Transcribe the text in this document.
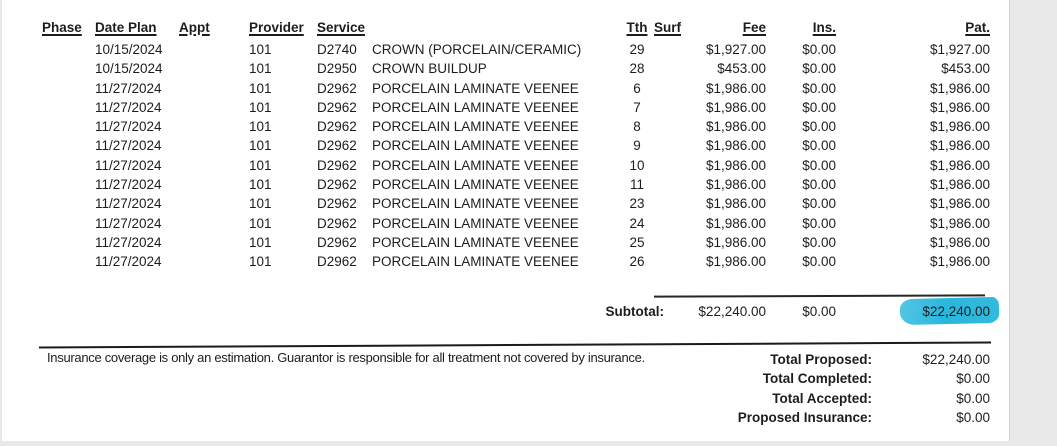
Phase Date Plan	Appt	Provider Service	Tth Surf	Fee	Ins.	Pat.
10/15/2024	101	D2740	CROWN (PORCELAIN/CERAMIC)	29	$1,927.00	$0.00	$1,927.00
10/15/2024	101	D2950	CROWN BUILDUP	28	$453.00	$0.00	$453.00
11/27/2024	101	D2962	PORCELAIN LAMINATE VEENEE	6	$1,986.00	$0.00	$1,986.00
11/27/2024	101	D2962	PORCELAIN LAMINATE VEENEE	7	$1,986.00	$0.00	$1,986.00
11/27/2024	101	D2962	PORCELAIN LAMINATE VEENEE	8	$1,986.00	$0.00	$1,986.00
11/27/2024	101	D2962	PORCELAIN LAMINATE VEENEE	9	$1,986.00	$0.00	$1,986.00
11/27/2024	101	D2962	PORCELAIN LAMINATE VEENEE	10	$1,986.00	$0.00	$1,986.00
11/27/2024	101	D2962	PORCELAIN LAMINATE VEENEE	11	$1,986.00	$0.00	$1,986.00
11/27/2024	101	D2962	PORCELAIN LAMINATE VEENEE	23	$1,986.00	$0.00	$1,986.00
11/27/2024	101	D2962	PORCELAIN LAMINATE VEENEE	24	$1,986.00	$0.00	$1,986.00
11/27/2024	101	D2962	PORCELAIN LAMINATE VEENEE	25	$1,986.00	$0.00	$1,986.00
11/27/2024	101	D2962	PORCELAIN LAMINATE VEENEE	26	$1,986.00	$0.00	$1,986.00
Subtotal:	$22,240.00	$0.00	$22,240.00
Insurance coverage is only an estimation. Guarantor is responsible for all treatment not covered by insurance.	Total Proposed:	$22,240.00
Total Completed:	$0.00
Total Accepted:	$0.00
Proposed Insurance:	$0.00
